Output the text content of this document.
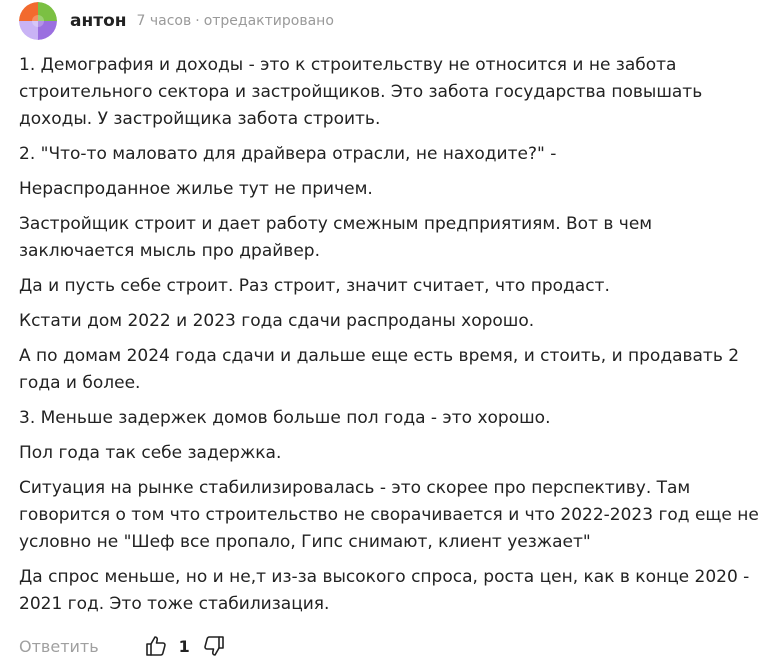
антон 7 часов · отредактировано

1. Демография и доходы - это к строительству не относится и не забота строительного сектора и застройщиков. Это забота государства повышать доходы. У застройщика забота строить.

2. "Что-то маловато для драйвера отрасли, не находите?" -

Нераспроданное жилье тут не причем.

Застройщик строит и дает работу смежным предприятиям. Вот в чем заключается мысль про драйвер.

Да и пусть себе строит. Раз строит, значит считает, что продаст.

Кстати дом 2022 и 2023 года сдачи распроданы хорошо.

А по домам 2024 года сдачи и дальше еще есть время, и стоить, и продавать 2 года и более.

3. Меньше задержек домов больше пол года - это хорошо.

Пол года так себе задержка.

Ситуация на рынке стабилизировалась - это скорее про перспективу. Там говорится о том что строительство не сворачивается и что 2022-2023 год еще не условно не "Шеф все пропало, Гипс снимают, клиент уезжает"

Да спрос меньше, но и не,т из-за высокого спроса, роста цен, как в конце 2020 - 2021 год. Это тоже стабилизация.

Ответить	1
